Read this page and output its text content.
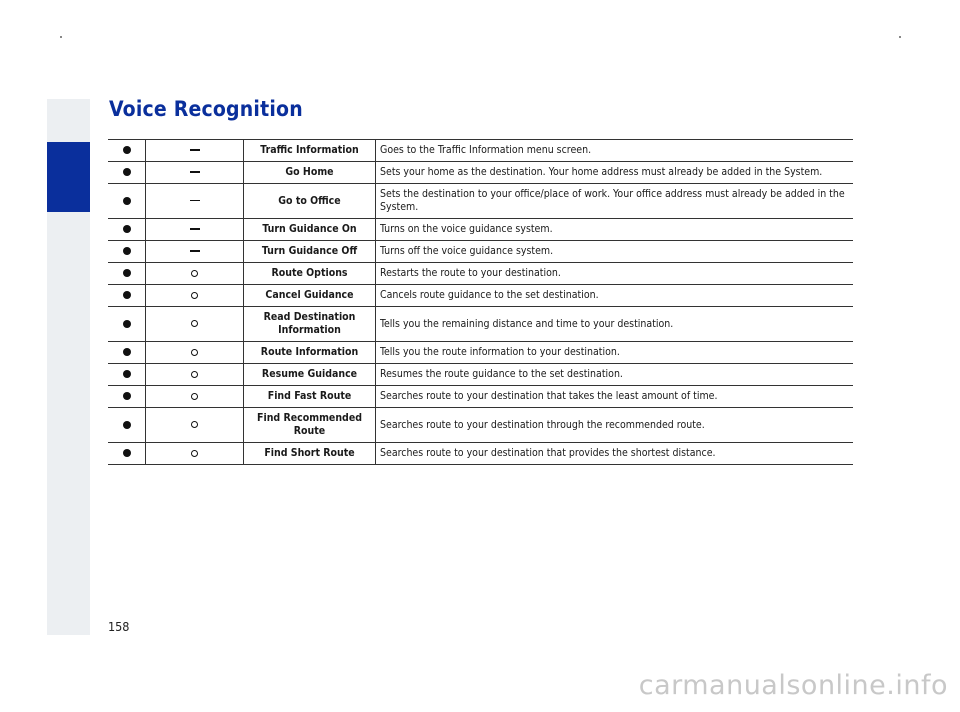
Voice Recognition
		Traffic Information	Goes to the Traffic Information menu screen.
		Go Home	Sets your home as the destination. Your home address must already be added in the System.
		Go to Office	Sets the destination to your office/place of work. Your office address must already be added in the System.
		Turn Guidance On	Turns on the voice guidance system.
		Turn Guidance Off	Turns off the voice guidance system.
		Route Options	Restarts the route to your destination.
		Cancel Guidance	Cancels route guidance to the set destination.
		Read Destination Information	Tells you the remaining distance and time to your destination.
		Route Information	Tells you the route information to your destination.
		Resume Guidance	Resumes the route guidance to the set destination.
		Find Fast Route	Searches route to your destination that takes the least amount of time.
		Find Recommended Route	Searches route to your destination through the recommended route.
		Find Short Route	Searches route to your destination that provides the shortest distance.
158
carmanualsonline.info
